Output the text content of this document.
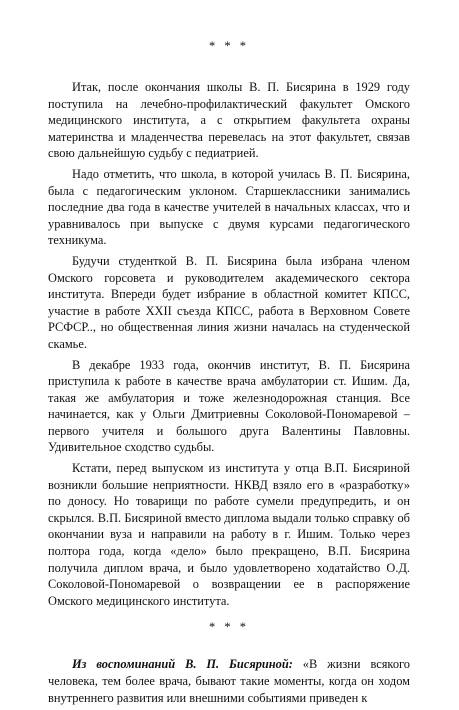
* * *

Итак, после окончания школы В. П. Бисярина в 1929 году поступила на лечебно-профилактический факультет Омского медицинского института, а с открытием факультета охраны материнства и младенчества перевелась на этот факультет, связав свою дальнейшую судьбу с педиатрией.

Надо отметить, что школа, в которой училась В. П. Бисярина, была с педагогическим уклоном. Старшеклассники занимались последние два года в качестве учителей в начальных классах, что и уравнивалось при выпуске с двумя курсами педагогического техникума.

Будучи студенткой В. П. Бисярина была избрана членом Омского горсовета и руководителем академического сектора института. Впереди будет избрание в областной комитет КПСС, участие в работе XXII съезда КПСС, работа в Верховном Совете РСФСР.., но общественная линия жизни началась на студенческой скамье.

В декабре 1933 года, окончив институт, В. П. Бисярина приступила к работе в качестве врача амбулатории ст. Ишим. Да, такая же амбулатория и тоже железнодорожная станция. Все начинается, как у Ольги Дмитриевны Соколовой-Пономаревой – первого учителя и большого друга Валентины Павловны. Удивительное сходство судьбы.

Кстати, перед выпуском из института у отца В.П. Бисяриной возникли большие неприятности. НКВД взяло его в «разработку» по доносу. Но товарищи по работе сумели предупредить, и он скрылся. В.П. Бисяриной вместо диплома выдали только справку об окончании вуза и направили на работу в г. Ишим. Только через полтора года, когда «дело» было прекращено, В.П. Бисярина получила диплом врача, и было удовлетворено ходатайство О.Д. Соколовой-Пономаревой о возвращении ее в распоряжение Омского медицинского института.

* * *

Из воспоминаний В. П. Бисяриной: «В жизни всякого человека, тем более врача, бывают такие моменты, когда он ходом внутреннего развития или внешними событиями приведен к
